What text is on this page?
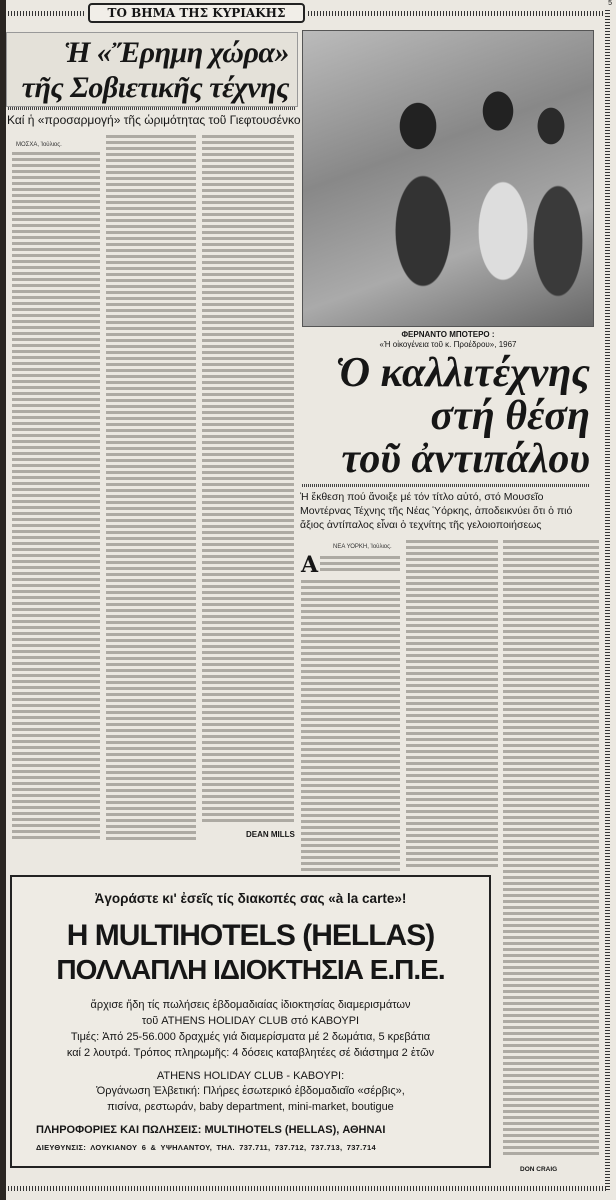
ΤΟ ΒΗΜΑ ΤΗΣ ΚΥΡΙΑΚΗΣ
5
Ἡ «Ἔρημη χώρα»
τῆς Σοβιετικῆς τέχνης
Καί ἡ «προσαρμογή» τῆς ὡριμότητας τοῦ Γιεφτουσένκο
ΜΟΣΧΑ, Ἰούλιος.
DEAN MILLS
ΦΕΡΝΑΝΤΟ ΜΠΟΤΕΡΟ :
«Ἡ οἰκογένεια τοῦ κ. Προέδρου», 1967
Ὁ καλλιτέχνης
στή θέση
τοῦ ἀντιπάλου
Ἡ ἔκθεση πού ἄνοιξε μέ τόν τίτλο αὐτό, στό Μουσεῖο Μοντέρνας Τέχνης τῆς Νέας Ὑόρκης, ἀποδεικνύει ὅτι ὁ πιό ἄξιος ἀντίπαλος εἶναι ὁ τεχνίτης τῆς γελοιοποιήσεως
ΝΕΑ ΥΟΡΚΗ, Ἰούλιος.
Α
DON CRAIG
Ἀγοράστε κι' ἐσεῖς τίς διακοπές σας «à la carte»!
Η MULTIHOTELS (HELLAS)
ΠΟΛΛΑΠΛΗ ΙΔΙΟΚΤΗΣΙΑ Ε.Π.Ε.
ἄρχισε ἤδη τίς πωλήσεις ἑβδομαδιαίας ἰδιοκτησίας διαμερισμάτων
τοῦ ATHENS HOLIDAY CLUB στό ΚΑΒΟΥΡΙ
Τιμές: Ἀπό 25-56.000 δραχμές γιά διαμερίσματα μέ 2 δωμάτια, 5 κρεβάτια
καί 2 λουτρά. Τρόπος πληρωμῆς: 4 δόσεις καταβλητέες σέ διάστημα 2 ἐτῶν
ATHENS HOLIDAY CLUB - ΚΑΒΟΥΡΙ:
Ὀργάνωση Ἐλβετική: Πλήρες ἐσωτερικό ἑβδομαδιαῖο «σέρβις»,
πισίνα, ρεστωράν, baby department, mini-market, boutigue
ΠΛΗΡΟΦΟΡΙΕΣ ΚΑΙ ΠΩΛΗΣΕΙΣ: MULTIHOTELS (HELLAS), ΑΘΗΝΑΙ
ΔΙΕΥΘΥΝΣΙΣ: ΛΟΥΚΙΑΝΟΥ 6 & ΥΨΗΛΑΝΤΟΥ, ΤΗΛ. 737.711, 737.712, 737.713, 737.714
